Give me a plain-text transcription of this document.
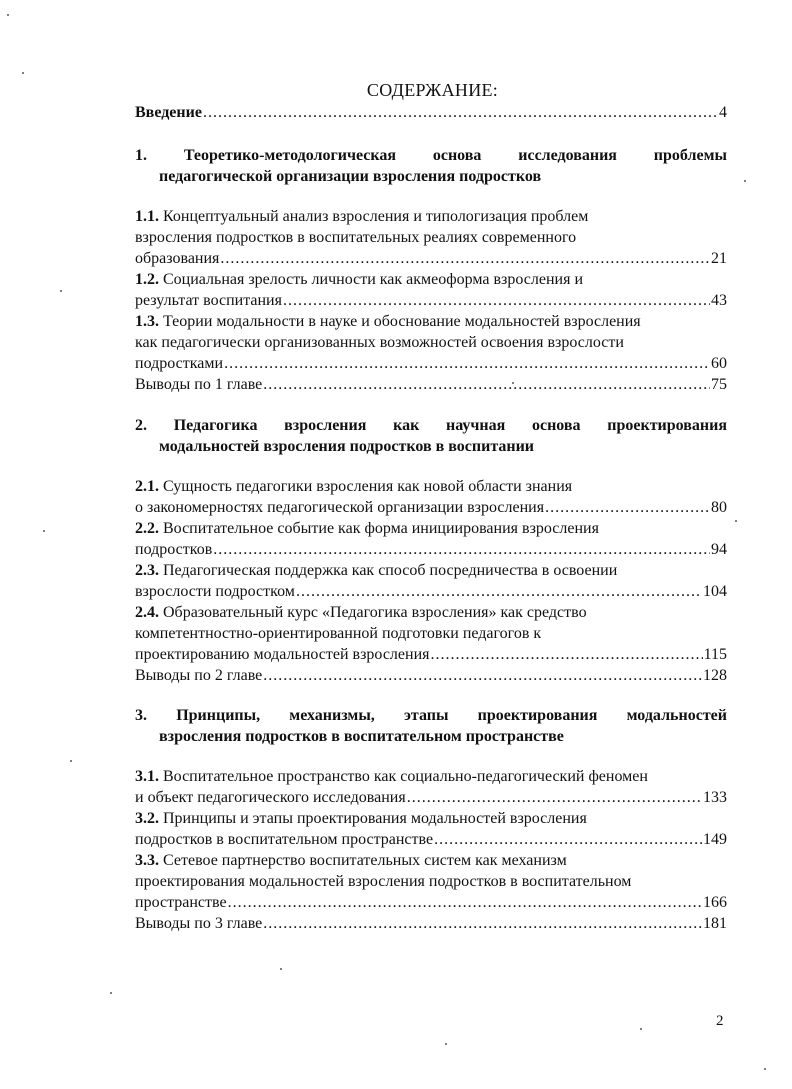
СОДЕРЖАНИЕ:
Введение .....	4
1. Теоретико-методологическая основа исследования проблемы
педагогической организации взросления подростков
1.1. Концептуальный анализ взросления и типологизация проблем
взросления подростков в воспитательных реалиях современного
образования .....	21
1.2. Социальная зрелость личности как акмеоформа взросления и
результат воспитания .....	43
1.3. Теории модальности в науке и обоснование модальностей взросления
как педагогически организованных возможностей освоения взрослости
подростками .....	60
Выводы по 1 главе .....	75
2. Педагогика взросления как научная основа проектирования
модальностей взросления подростков в воспитании
2.1. Сущность педагогики взросления как новой области знания
о закономерностях педагогической организации взросления .....	80
2.2. Воспитательное событие как форма инициирования взросления
подростков .....	94
2.3. Педагогическая поддержка как способ посредничества в освоении
взрослости подростком .....	104
2.4. Образовательный курс «Педагогика взросления» как средство
компетентностно-ориентированной подготовки педагогов к
проектированию модальностей взросления .....	115
Выводы по 2 главе .....	128
3. Принципы, механизмы, этапы проектирования модальностей
взросления подростков в воспитательном пространстве
3.1. Воспитательное пространство как социально-педагогический феномен
и объект педагогического исследования .....	133
3.2. Принципы и этапы проектирования модальностей взросления
подростков в воспитательном пространстве .....	149
3.3. Сетевое партнерство воспитательных систем как механизм
проектирования модальностей взросления подростков в воспитательном
пространстве .....	166
Выводы по 3 главе .....	181
2
